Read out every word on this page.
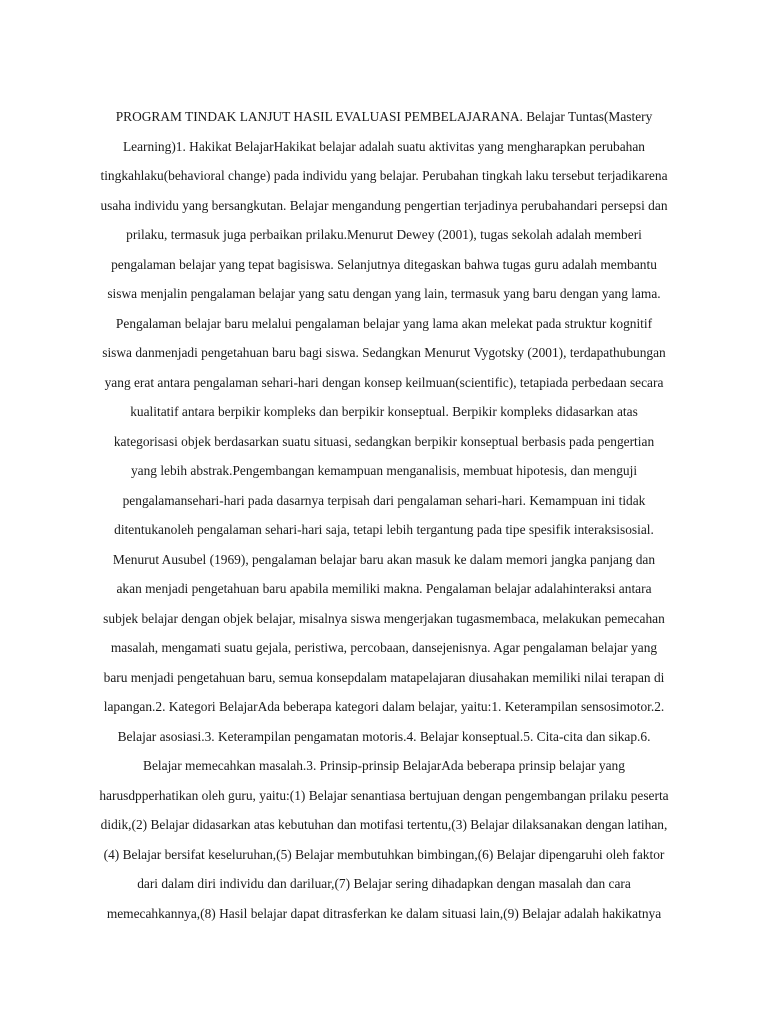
PROGRAM TINDAK LANJUT HASIL EVALUASI PEMBELAJARANA. Belajar Tuntas(Mastery
Learning)1. Hakikat BelajarHakikat belajar adalah suatu aktivitas yang mengharapkan perubahan
tingkahlaku(behavioral change) pada individu yang belajar. Perubahan tingkah laku tersebut terjadikarena
usaha individu yang bersangkutan. Belajar mengandung pengertian terjadinya perubahandari persepsi dan
prilaku, termasuk juga perbaikan prilaku.Menurut Dewey (2001), tugas sekolah adalah memberi
pengalaman belajar yang tepat bagisiswa. Selanjutnya ditegaskan bahwa tugas guru adalah membantu
siswa menjalin pengalaman belajar yang satu dengan yang lain, termasuk yang baru dengan yang lama.
Pengalaman belajar baru melalui pengalaman belajar yang lama akan melekat pada struktur kognitif
siswa danmenjadi pengetahuan baru bagi siswa. Sedangkan Menurut Vygotsky (2001), terdapathubungan
yang erat antara pengalaman sehari-hari dengan konsep keilmuan(scientific), tetapiada perbedaan secara
kualitatif antara berpikir kompleks dan berpikir konseptual. Berpikir kompleks didasarkan atas
kategorisasi objek berdasarkan suatu situasi, sedangkan berpikir konseptual berbasis pada pengertian
yang lebih abstrak.Pengembangan kemampuan menganalisis, membuat hipotesis, dan menguji
pengalamansehari-hari pada dasarnya terpisah dari pengalaman sehari-hari. Kemampuan ini tidak
ditentukanoleh pengalaman sehari-hari saja, tetapi lebih tergantung pada tipe spesifik interaksisosial.
Menurut Ausubel (1969), pengalaman belajar baru akan masuk ke dalam memori jangka panjang dan
akan menjadi pengetahuan baru apabila memiliki makna. Pengalaman belajar adalahinteraksi antara
subjek belajar dengan objek belajar, misalnya siswa mengerjakan tugasmembaca, melakukan pemecahan
masalah, mengamati suatu gejala, peristiwa, percobaan, dansejenisnya. Agar pengalaman belajar yang
baru menjadi pengetahuan baru, semua konsepdalam matapelajaran diusahakan memiliki nilai terapan di
lapangan.2. Kategori BelajarAda beberapa kategori dalam belajar, yaitu:1. Keterampilan sensosimotor.2.
Belajar asosiasi.3. Keterampilan pengamatan motoris.4. Belajar konseptual.5. Cita-cita dan sikap.6.
Belajar memecahkan masalah.3. Prinsip-prinsip BelajarAda beberapa prinsip belajar yang
harusdpperhatikan oleh guru, yaitu:(1) Belajar senantiasa bertujuan dengan pengembangan prilaku peserta
didik,(2) Belajar didasarkan atas kebutuhan dan motifasi tertentu,(3) Belajar dilaksanakan dengan latihan,
(4) Belajar bersifat keseluruhan,(5) Belajar membutuhkan bimbingan,(6) Belajar dipengaruhi oleh faktor
dari dalam diri individu dan dariluar,(7) Belajar sering dihadapkan dengan masalah dan cara
memecahkannya,(8) Hasil belajar dapat ditrasferkan ke dalam situasi lain,(9) Belajar adalah hakikatnya
